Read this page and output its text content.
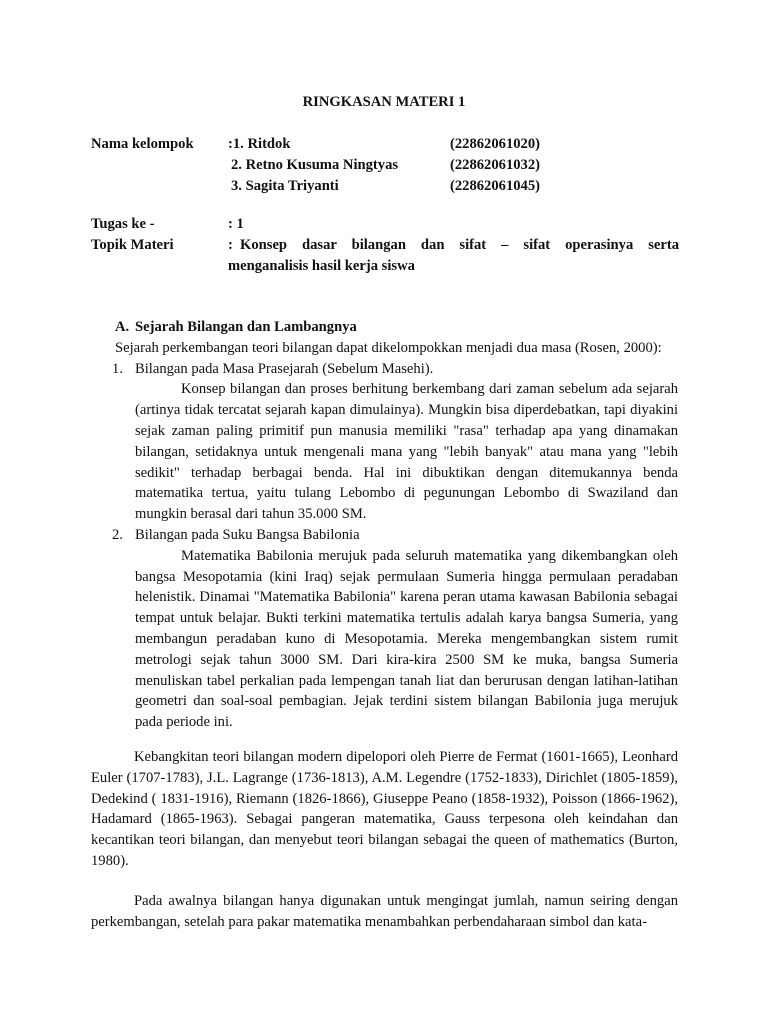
RINGKASAN MATERI 1
Nama kelompok	:1. Ritdok	(22862061020)
2. Retno Kusuma Ningtyas	(22862061032)
3. Sagita Triyanti	(22862061045)
Tugas ke -	: 1
Topik Materi	: Konsep dasar bilangan dan sifat – sifat operasinya serta
menganalisis hasil kerja siswa
A. Sejarah Bilangan dan Lambangnya
Sejarah perkembangan teori bilangan dapat dikelompokkan menjadi dua masa (Rosen, 2000):
1. Bilangan pada Masa Prasejarah (Sebelum Masehi).
Konsep bilangan dan proses berhitung berkembang dari zaman sebelum ada sejarah (artinya tidak tercatat sejarah kapan dimulainya). Mungkin bisa diperdebatkan, tapi diyakini sejak zaman paling primitif pun manusia memiliki "rasa" terhadap apa yang dinamakan bilangan, setidaknya untuk mengenali mana yang "lebih banyak" atau mana yang "lebih sedikit" terhadap berbagai benda. Hal ini dibuktikan dengan ditemukannya benda matematika tertua, yaitu tulang Lebombo di pegunungan Lebombo di Swaziland dan mungkin berasal dari tahun 35.000 SM.
2. Bilangan pada Suku Bangsa Babilonia
Matematika Babilonia merujuk pada seluruh matematika yang dikembangkan oleh bangsa Mesopotamia (kini Iraq) sejak permulaan Sumeria hingga permulaan peradaban helenistik. Dinamai "Matematika Babilonia" karena peran utama kawasan Babilonia sebagai tempat untuk belajar. Bukti terkini matematika tertulis adalah karya bangsa Sumeria, yang membangun peradaban kuno di Mesopotamia. Mereka mengembangkan sistem rumit metrologi sejak tahun 3000 SM. Dari kira-kira 2500 SM ke muka, bangsa Sumeria menuliskan tabel perkalian pada lempengan tanah liat dan berurusan dengan latihan-latihan geometri dan soal-soal pembagian. Jejak terdini sistem bilangan Babilonia juga merujuk pada periode ini.
Kebangkitan teori bilangan modern dipelopori oleh Pierre de Fermat (1601-1665), Leonhard Euler (1707-1783), J.L. Lagrange (1736-1813), A.M. Legendre (1752-1833), Dirichlet (1805-1859), Dedekind ( 1831-1916), Riemann (1826-1866), Giuseppe Peano (1858-1932), Poisson (1866-1962), Hadamard (1865-1963). Sebagai pangeran matematika, Gauss terpesona oleh keindahan dan kecantikan teori bilangan, dan menyebut teori bilangan sebagai the queen of mathematics (Burton, 1980).
Pada awalnya bilangan hanya digunakan untuk mengingat jumlah, namun seiring dengan perkembangan, setelah para pakar matematika menambahkan perbendaharaan simbol dan kata-
